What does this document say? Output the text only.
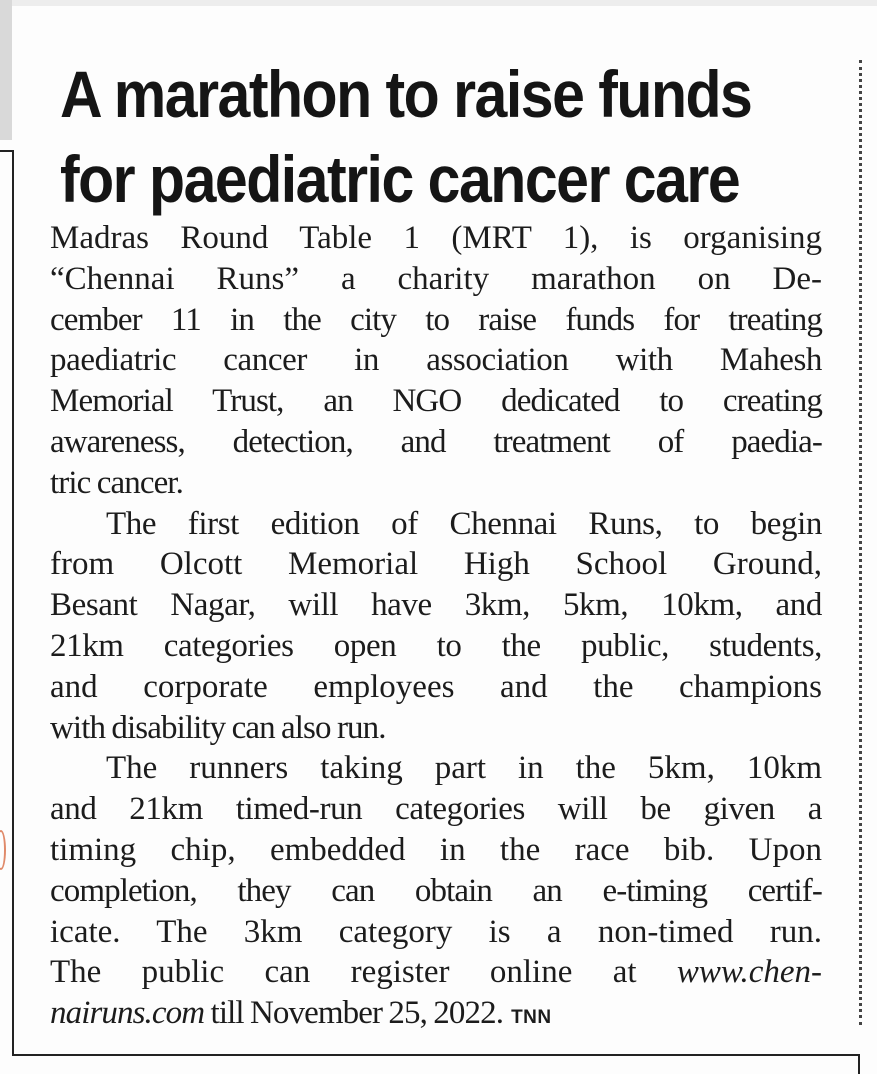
A marathon to raise funds
for paediatric cancer care
Madras Round Table 1 (MRT 1), is organising
“Chennai Runs” a charity marathon on De-
cember 11 in the city to raise funds for treating
paediatric cancer in association with Mahesh
Memorial Trust, an NGO dedicated to creating
awareness, detection, and treatment of paedia-
tric cancer.
The first edition of Chennai Runs, to begin
from Olcott Memorial High School Ground,
Besant Nagar, will have 3km, 5km, 10km, and
21km categories open to the public, students,
and corporate employees and the champions
with disability can also run.
The runners taking part in the 5km, 10km
and 21km timed-run categories will be given a
timing chip, embedded in the race bib. Upon
completion, they can obtain an e-timing certif-
icate. The 3km category is a non-timed run.
The public can register online at www.chen-
nairuns.com till November 25, 2022. TNN
